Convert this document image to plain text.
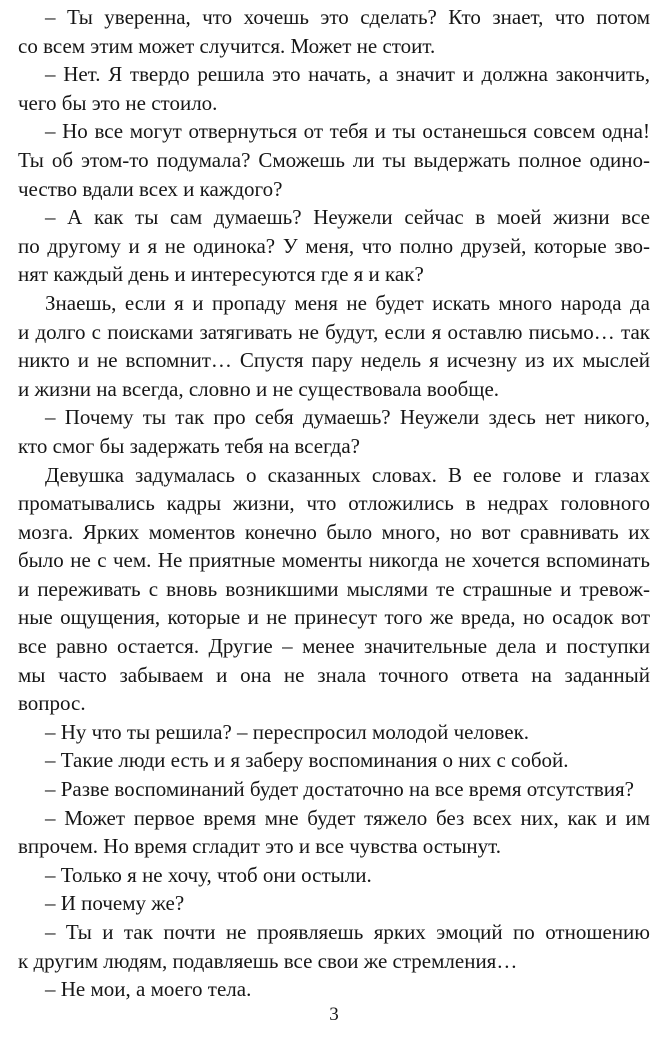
– Ты уверенна, что хочешь это сделать? Кто знает, что потом
со всем этим может случится. Может не стоит.
– Нет. Я твердо решила это начать, а значит и должна закончить,
чего бы это не стоило.
– Но все могут отвернуться от тебя и ты останешься совсем одна!
Ты об этом-то подумала? Сможешь ли ты выдержать полное одино-
чество вдали всех и каждого?
– А как ты сам думаешь? Неужели сейчас в моей жизни все
по другому и я не одинока? У меня, что полно друзей, которые зво-
нят каждый день и интересуются где я и как?
Знаешь, если я и пропаду меня не будет искать много народа да
и долго с поисками затягивать не будут, если я оставлю письмо… так
никто и не вспомнит… Спустя пару недель я исчезну из их мыслей
и жизни на всегда, словно и не существовала вообще.
– Почему ты так про себя думаешь? Неужели здесь нет никого,
кто смог бы задержать тебя на всегда?
Девушка задумалась о сказанных словах. В ее голове и глазах
проматывались кадры жизни, что отложились в недрах головного
мозга. Ярких моментов конечно было много, но вот сравнивать их
было не с чем. Не приятные моменты никогда не хочется вспоминать
и переживать с вновь возникшими мыслями те страшные и тревож-
ные ощущения, которые и не принесут того же вреда, но осадок вот
все равно остается. Другие – менее значительные дела и поступки
мы часто забываем и она не знала точного ответа на заданный
вопрос.
– Ну что ты решила? – переспросил молодой человек.
– Такие люди есть и я заберу воспоминания о них с собой.
– Разве воспоминаний будет достаточно на все время отсутствия?
– Может первое время мне будет тяжело без всех них, как и им
впрочем. Но время сгладит это и все чувства остынут.
– Только я не хочу, чтоб они остыли.
– И почему же?
– Ты и так почти не проявляешь ярких эмоций по отношению
к другим людям, подавляешь все свои же стремления…
– Не мои, а моего тела.
3
